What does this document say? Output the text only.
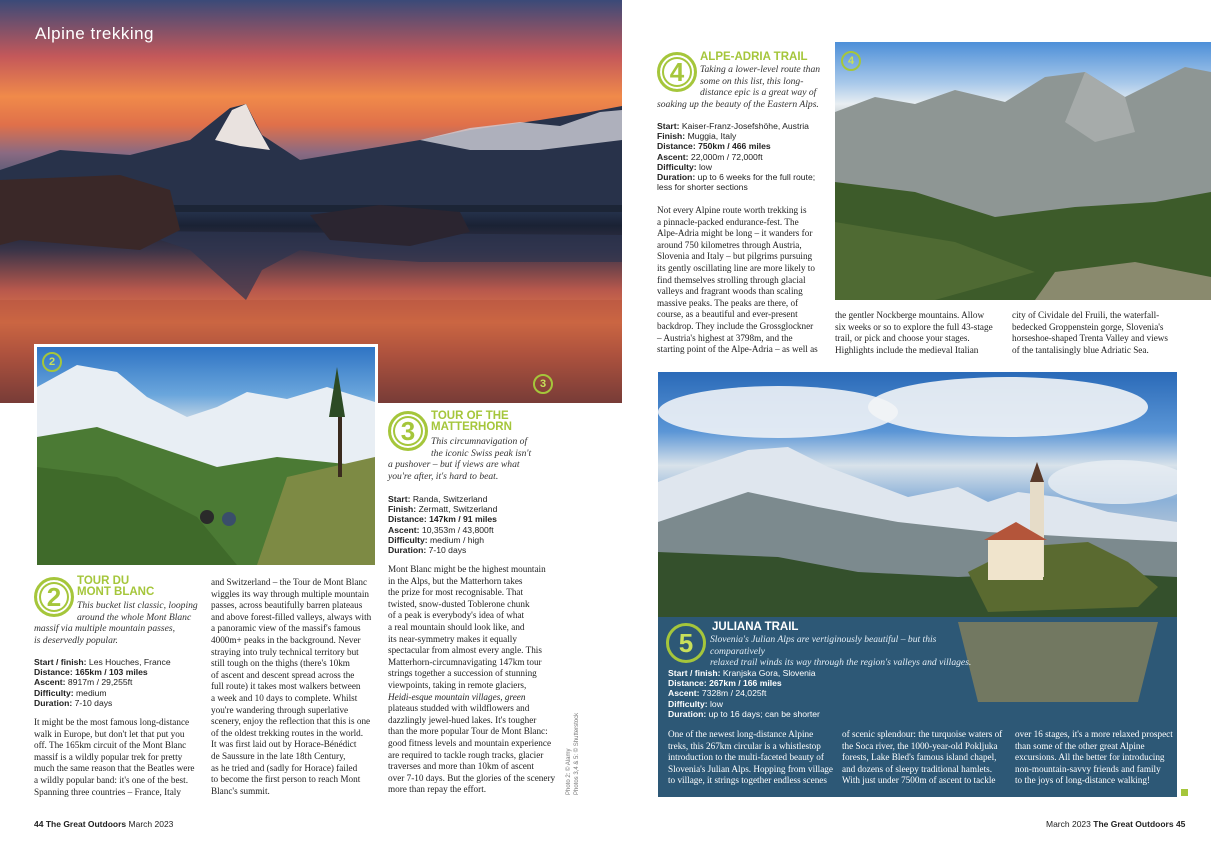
Alpine trekking
3
2
4
5
JULIANA TRAIL
Slovenia's Julian Alps are vertiginously beautiful – but this comparatively
relaxed trail winds its way through the region's valleys and villages.
Start / finish: Kranjska Gora, Slovenia
Distance: 267km / 166 miles
Ascent: 7328m / 24,025ft
Difficulty: low
Duration: up to 16 days; can be shorter
One of the newest long-distance Alpine
treks, this 267km circular is a whistlestop
introduction to the multi-faceted beauty of
Slovenia's Julian Alps. Hopping from village
to village, it strings together endless scenes
of scenic splendour: the turquoise waters of
the Soca river, the 1000-year-old Pokljuka
forests, Lake Bled's famous island chapel,
and dozens of sleepy traditional hamlets.
With just under 7500m of ascent to tackle
over 16 stages, it's a more relaxed prospect
than some of the other great Alpine
excursions. All the better for introducing
non-mountain-savvy friends and family
to the joys of long-distance walking!
2
TOUR DU
MONT BLANC
This bucket list classic, looping
around the whole Mont Blanc
massif via multiple mountain passes,
is deservedly popular.
Start / finish: Les Houches, France
Distance: 165km / 103 miles
Ascent: 8917m / 29,255ft
Difficulty: medium
Duration: 7-10 days
It might be the most famous long-distance
walk in Europe, but don't let that put you
off. The 165km circuit of the Mont Blanc
massif is a wildly popular trek for pretty
much the same reason that the Beatles were
a wildly popular band: it's one of the best.
Spanning three countries – France, Italy
and Switzerland – the Tour de Mont Blanc
wiggles its way through multiple mountain
passes, across beautifully barren plateaus
and above forest-filled valleys, always with
a panoramic view of the massif's famous
4000m+ peaks in the background. Never
straying into truly technical territory but
still tough on the thighs (there's 10km
of ascent and descent spread across the
full route) it takes most walkers between
a week and 10 days to complete. Whilst
you're wandering through superlative
scenery, enjoy the reflection that this is one
of the oldest trekking routes in the world.
It was first laid out by Horace-Bénédict
de Saussure in the late 18th Century,
as he tried and (sadly for Horace) failed
to become the first person to reach Mont
Blanc's summit.
3 TOUR OF THE
MATTERHORN
This circumnavigation of
the iconic Swiss peak isn't
a pushover – but if views are what
you're after, it's hard to beat.
Start: Randa, Switzerland
Finish: Zermatt, Switzerland
Distance: 147km / 91 miles
Ascent: 10,353m / 43,800ft
Difficulty: medium / high
Duration: 7-10 days
Mont Blanc might be the highest mountain
in the Alps, but the Matterhorn takes
the prize for most recognisable. That
twisted, snow-dusted Toblerone chunk
of a peak is everybody's idea of what
a real mountain should look like, and
its near-symmetry makes it equally
spectacular from almost every angle. This
Matterhorn-circumnavigating 147km tour
strings together a succession of stunning
viewpoints, taking in remote glaciers,
Heidi-esque mountain villages, green
plateaus studded with wildflowers and
dazzlingly jewel-hued lakes. It's tougher
than the more popular Tour de Mont Blanc:
good fitness levels and mountain experience
are required to tackle rough tracks, glacier
traverses and more than 10km of ascent
over 7-10 days. But the glories of the scenery
more than repay the effort.	Photo 2: © Alamy Photos 3,4 & 5: © Shutterstock
4 ALPE-ADRIA TRAIL
Taking a lower-level route than
some on this list, this long-
distance epic is a great way of
soaking up the beauty of the Eastern Alps.
Start: Kaiser-Franz-Josefshöhe, Austria
Finish: Muggia, Italy
Distance: 750km / 466 miles
Ascent: 22,000m / 72,000ft
Difficulty: low
Duration: up to 6 weeks for the full route;
less for shorter sections
Not every Alpine route worth trekking is
a pinnacle-packed endurance-fest. The
Alpe-Adria might be long – it wanders for
around 750 kilometres through Austria,
Slovenia and Italy – but pilgrims pursuing
its gently oscillating line are more likely to
find themselves strolling through glacial
valleys and fragrant woods than scaling
massive peaks. The peaks are there, of
course, as a beautiful and ever-present
backdrop. They include the Grossglockner
– Austria's highest at 3798m, and the
starting point of the Alpe-Adria – as well as
the gentler Nockberge mountains. Allow
six weeks or so to explore the full 43-stage
trail, or pick and choose your stages.
Highlights include the medieval Italian
city of Cividale del Fruili, the waterfall-
bedecked Groppenstein gorge, Slovenia's
horseshoe-shaped Trenta Valley and views
of the tantalisingly blue Adriatic Sea.
44 The Great Outdoors March 2023	March 2023 The Great Outdoors 45
